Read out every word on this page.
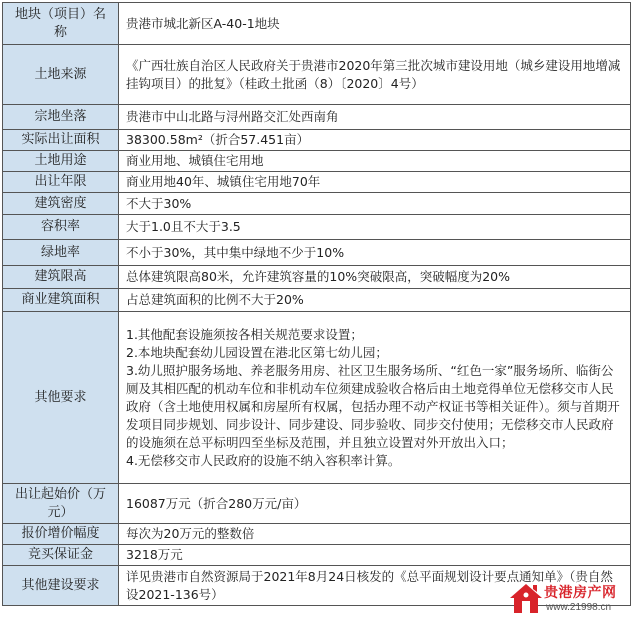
地块（项目）名称	贵港市城北新区A-40-1地块
土地来源	《广西壮族自治区人民政府关于贵港市2020年第三批次城市建设用地（城乡建设用地增减挂钩项目）的批复》（桂政土批函（8）〔2020〕4号）
宗地坐落	贵港市中山北路与浔州路交汇处西南角
实际出让面积	38300.58m²（折合57.451亩）
土地用途	商业用地、城镇住宅用地
出让年限	商业用地40年、城镇住宅用地70年
建筑密度	不大于30%
容积率	大于1.0且不大于3.5
绿地率	不小于30%，其中集中绿地不少于10%
建筑限高	总体建筑限高80米，允许建筑容量的10%突破限高，突破幅度为20%
商业建筑面积	占总建筑面积的比例不大于20%
其他要求	1.其他配套设施须按各相关规范要求设置；
2.本地块配套幼儿园设置在港北区第七幼儿园；
3.幼儿照护服务场地、养老服务用房、社区卫生服务场所、“红色一家”服务场所、临街公厕及其相匹配的机动车位和非机动车位须建成验收合格后由土地竞得单位无偿移交市人民政府（含土地使用权属和房屋所有权属，包括办理不动产权证书等相关证件）。须与首期开发项目同步规划、同步设计、同步建设、同步验收、同步交付使用；无偿移交市人民政府的设施须在总平标明四至坐标及范围，并且独立设置对外开放出入口；
4.无偿移交市人民政府的设施不纳入容积率计算。

出让起始价（万元）	16087万元（折合280万元/亩）
报价增价幅度	每次为20万元的整数倍
竞买保证金	3218万元
其他建设要求	详见贵港市自然资源局于2021年8月24日核发的《总平面规划设计要点通知单》（贵自然设2021-136号）	贵港房产网
www.21998.cn
